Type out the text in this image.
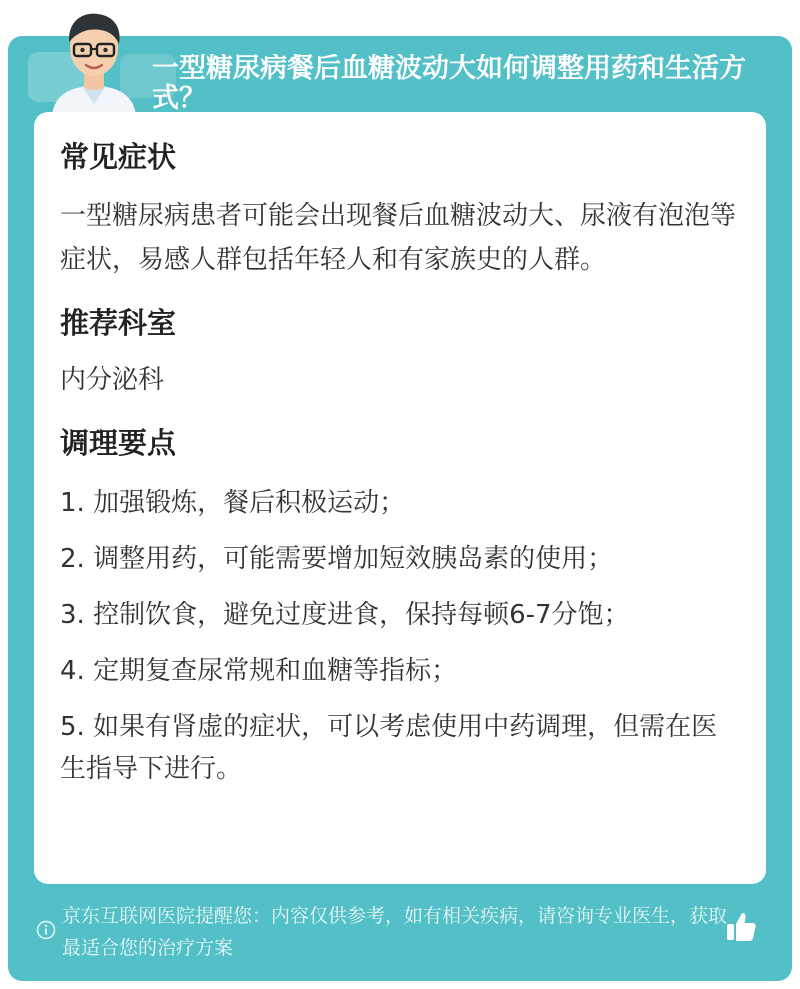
一型糖尿病餐后血糖波动大如何调整用药和生活方式？
常见症状

一型糖尿病患者可能会出现餐后血糖波动大、尿液有泡泡等症状，易感人群包括年轻人和有家族史的人群。

推荐科室

内分泌科

调理要点

1. 加强锻炼，餐后积极运动；

2. 调整用药，可能需要增加短效胰岛素的使用；

3. 控制饮食，避免过度进食，保持每顿6-7分饱；

4. 定期复查尿常规和血糖等指标；

5. 如果有肾虚的症状，可以考虑使用中药调理，但需在医生指导下进行。

京东互联网医院提醒您：内容仅供参考，如有相关疾病，请咨询专业医生，获取最适合您的治疗方案
